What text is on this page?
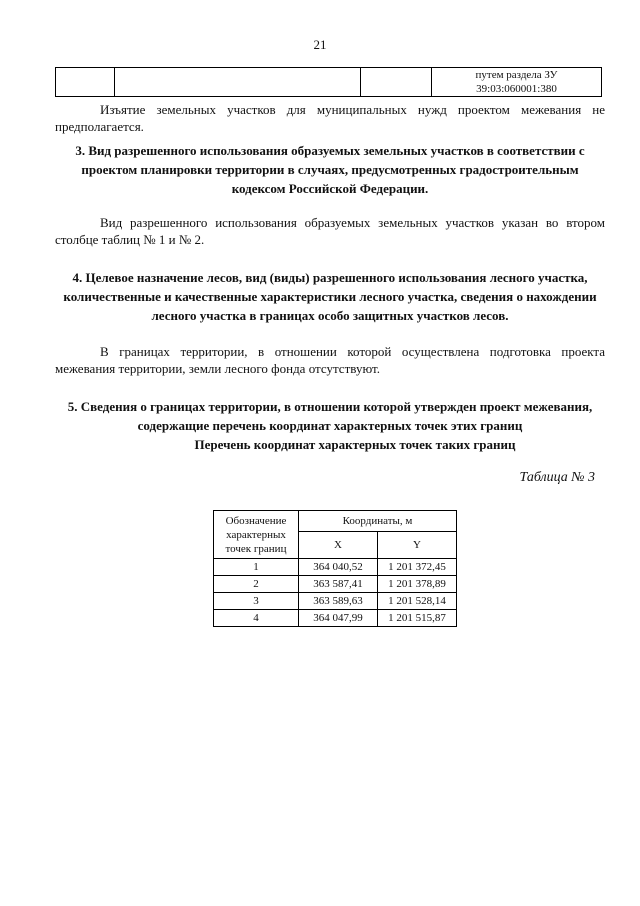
21

путем раздела ЗУ
39:03:060001:380
Изъятие земельных участков для муниципальных нужд проектом межевания не предполагается.
3. Вид разрешенного использования образуемых земельных участков в соответствии с проектом планировки территории в случаях, предусмотренных градостроительным кодексом Российской Федерации.
Вид разрешенного использования образуемых земельных участков указан во втором столбце таблиц № 1 и № 2.
4. Целевое назначение лесов, вид (виды) разрешенного использования лесного участка, количественные и качественные характеристики лесного участка, сведения о нахождении лесного участка в границах особо защитных участков лесов.
В границах территории, в отношении которой осуществлена подготовка проекта межевания территории, земли лесного фонда отсутствуют.
5. Сведения о границах территории, в отношении которой утвержден проект межевания, содержащие перечень координат характерных точек этих границ
Перечень координат характерных точек таких границ
Таблица № 3
Обозначение характерных точек границ	Координаты, м	
	X	Y
1	364 040,52	1 201 372,45
2	363 587,41	1 201 378,89
3	363 589,63	1 201 528,14
4	364 047,99	1 201 515,87
